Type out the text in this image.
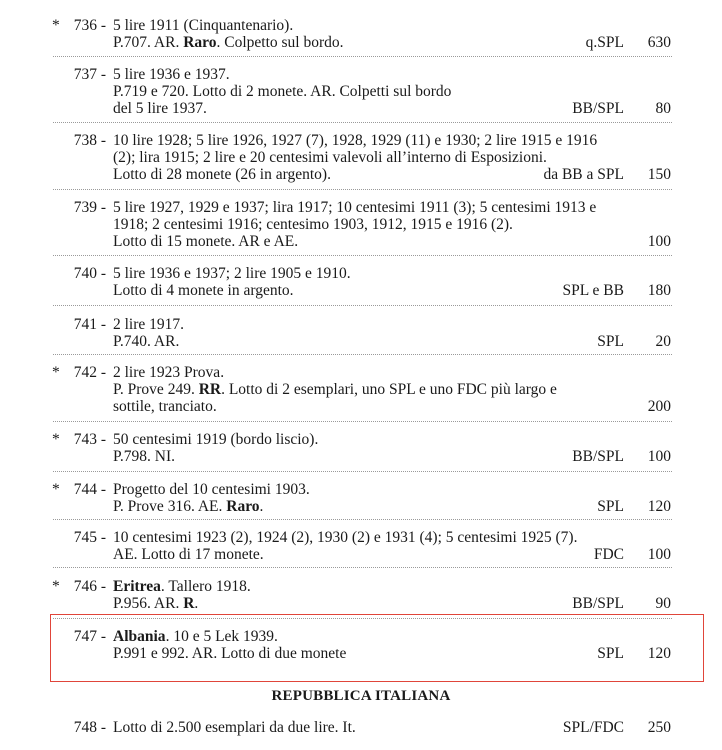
* 736 - 5 lire 1911 (Cinquantenario).
P.707. AR. Raro. Colpetto sul bordo.	q.SPL 630
737 - 5 lire 1936 e 1937.
P.719 e 720. Lotto di 2 monete. AR. Colpetti sul bordo
del 5 lire 1937.	BB/SPL 80
738 - 10 lire 1928; 5 lire 1926, 1927 (7), 1928, 1929 (11) e 1930; 2 lire 1915 e 1916
(2); lira 1915; 2 lire e 20 centesimi valevoli all’interno di Esposizioni.
Lotto di 28 monete (26 in argento).	da BB a SPL 150
739 - 5 lire 1927, 1929 e 1937; lira 1917; 10 centesimi 1911 (3); 5 centesimi 1913 e
1918; 2 centesimi 1916; centesimo 1903, 1912, 1915 e 1916 (2).
Lotto di 15 monete. AR e AE.	100
740 - 5 lire 1936 e 1937; 2 lire 1905 e 1910.
Lotto di 4 monete in argento.	SPL e BB 180
741 - 2 lire 1917.
P.740. AR.	SPL 20
* 742 - 2 lire 1923 Prova.
P. Prove 249. RR. Lotto di 2 esemplari, uno SPL e uno FDC più largo e
sottile, tranciato.	200
* 743 - 50 centesimi 1919 (bordo liscio).
P.798. NI.	BB/SPL 100
* 744 - Progetto del 10 centesimi 1903.
P. Prove 316. AE. Raro.	SPL 120
745 - 10 centesimi 1923 (2), 1924 (2), 1930 (2) e 1931 (4); 5 centesimi 1925 (7).
AE. Lotto di 17 monete.	FDC 100
* 746 - Eritrea. Tallero 1918.
P.956. AR. R.	BB/SPL 90
747 - Albania. 10 e 5 Lek 1939.
P.991 e 992. AR. Lotto di due monete	SPL 120
748 - Lotto di 2.500 esemplari da due lire. It.	SPL/FDC 250
REPUBBLICA ITALIANA
